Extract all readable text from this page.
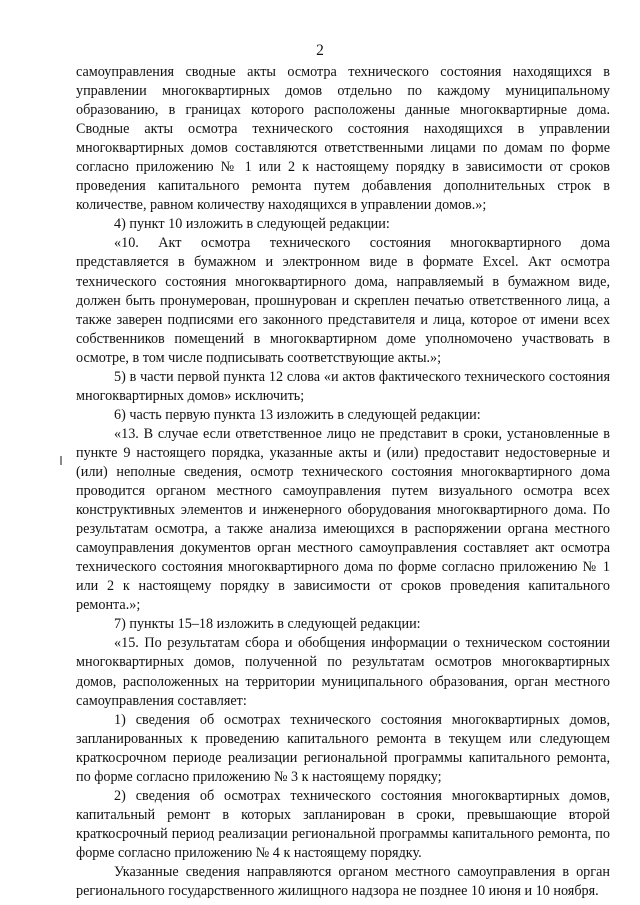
2

самоуправления сводные акты осмотра технического состояния находящихся в управлении многоквартирных домов отдельно по каждому муниципальному образованию, в границах которого расположены данные многоквартирные дома. Сводные акты осмотра технического состояния находящихся в управлении многоквартирных домов составляются ответственными лицами по домам по форме согласно приложению № 1 или 2 к настоящему порядку в зависимости от сроков проведения капитального ремонта путем добавления дополнительных строк в количестве, равном количеству находящихся в управлении домов.»;

4) пункт 10 изложить в следующей редакции:

«10. Акт осмотра технического состояния многоквартирного дома представляется в бумажном и электронном виде в формате Excel. Акт осмотра технического состояния многоквартирного дома, направляемый в бумажном виде, должен быть пронумерован, прошнурован и скреплен печатью ответственного лица, а также заверен подписями его законного представителя и лица, которое от имени всех собственников помещений в многоквартирном доме уполномочено участвовать в осмотре, в том числе подписывать соответствующие акты.»;

5) в части первой пункта 12 слова «и актов фактического технического состояния многоквартирных домов» исключить;

6) часть первую пункта 13 изложить в следующей редакции:

«13. В случае если ответственное лицо не представит в сроки, установленные в пункте 9 настоящего порядка, указанные акты и (или) предоставит недостоверные и (или) неполные сведения, осмотр технического состояния многоквартирного дома проводится органом местного самоуправления путем визуального осмотра всех конструктивных элементов и инженерного оборудования многоквартирного дома. По результатам осмотра, а также анализа имеющихся в распоряжении органа местного самоуправления документов орган местного самоуправления составляет акт осмотра технического состояния многоквартирного дома по форме согласно приложению № 1 или 2 к настоящему порядку в зависимости от сроков проведения капитального ремонта.»;

7) пункты 15–18 изложить в следующей редакции:

«15. По результатам сбора и обобщения информации о техническом состоянии многоквартирных домов, полученной по результатам осмотров многоквартирных домов, расположенных на территории муниципального образования, орган местного самоуправления составляет:

1) сведения об осмотрах технического состояния многоквартирных домов, запланированных к проведению капитального ремонта в текущем или следующем краткосрочном периоде реализации региональной программы капитального ремонта, по форме согласно приложению № 3 к настоящему порядку;

2) сведения об осмотрах технического состояния многоквартирных домов, капитальный ремонт в которых запланирован в сроки, превышающие второй краткосрочный период реализации региональной программы капитального ремонта, по форме согласно приложению № 4 к настоящему порядку.

Указанные сведения направляются органом местного самоуправления в орган регионального государственного жилищного надзора не позднее 10 июня и 10 ноября.
